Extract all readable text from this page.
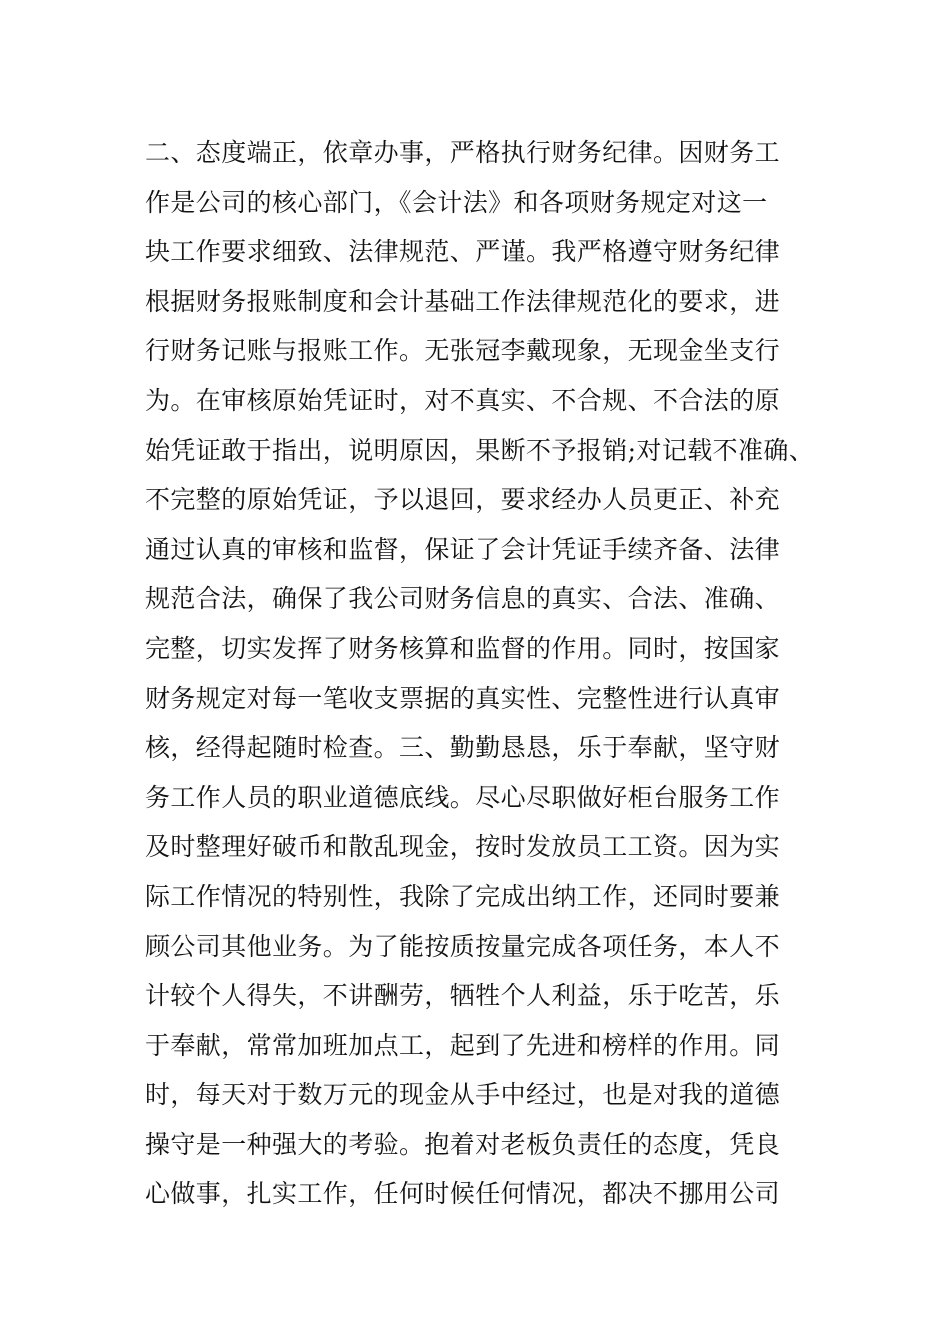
二、态度端正，依章办事，严格执行财务纪律。因财务工
作是公司的核心部门，《会计法》和各项财务规定对这一
块工作要求细致、法律规范、严谨。我严格遵守财务纪律
根据财务报账制度和会计基础工作法律规范化的要求，进
行财务记账与报账工作。无张冠李戴现象，无现金坐支行
为。在审核原始凭证时，对不真实、不合规、不合法的原
始凭证敢于指出，说明原因，果断不予报销;对记载不准确、
不完整的原始凭证，予以退回，要求经办人员更正、补充
通过认真的审核和监督，保证了会计凭证手续齐备、法律
规范合法，确保了我公司财务信息的真实、合法、准确、
完整，切实发挥了财务核算和监督的作用。同时，按国家
财务规定对每一笔收支票据的真实性、完整性进行认真审
核，经得起随时检查。三、勤勤恳恳，乐于奉献，坚守财
务工作人员的职业道德底线。尽心尽职做好柜台服务工作
及时整理好破币和散乱现金，按时发放员工工资。因为实
际工作情况的特别性，我除了完成出纳工作，还同时要兼
顾公司其他业务。为了能按质按量完成各项任务，本人不
计较个人得失，不讲酬劳，牺牲个人利益，乐于吃苦，乐
于奉献，常常加班加点工，起到了先进和榜样的作用。同
时，每天对于数万元的现金从手中经过，也是对我的道德
操守是一种强大的考验。抱着对老板负责任的态度，凭良
心做事，扎实工作，任何时候任何情况，都决不挪用公司
